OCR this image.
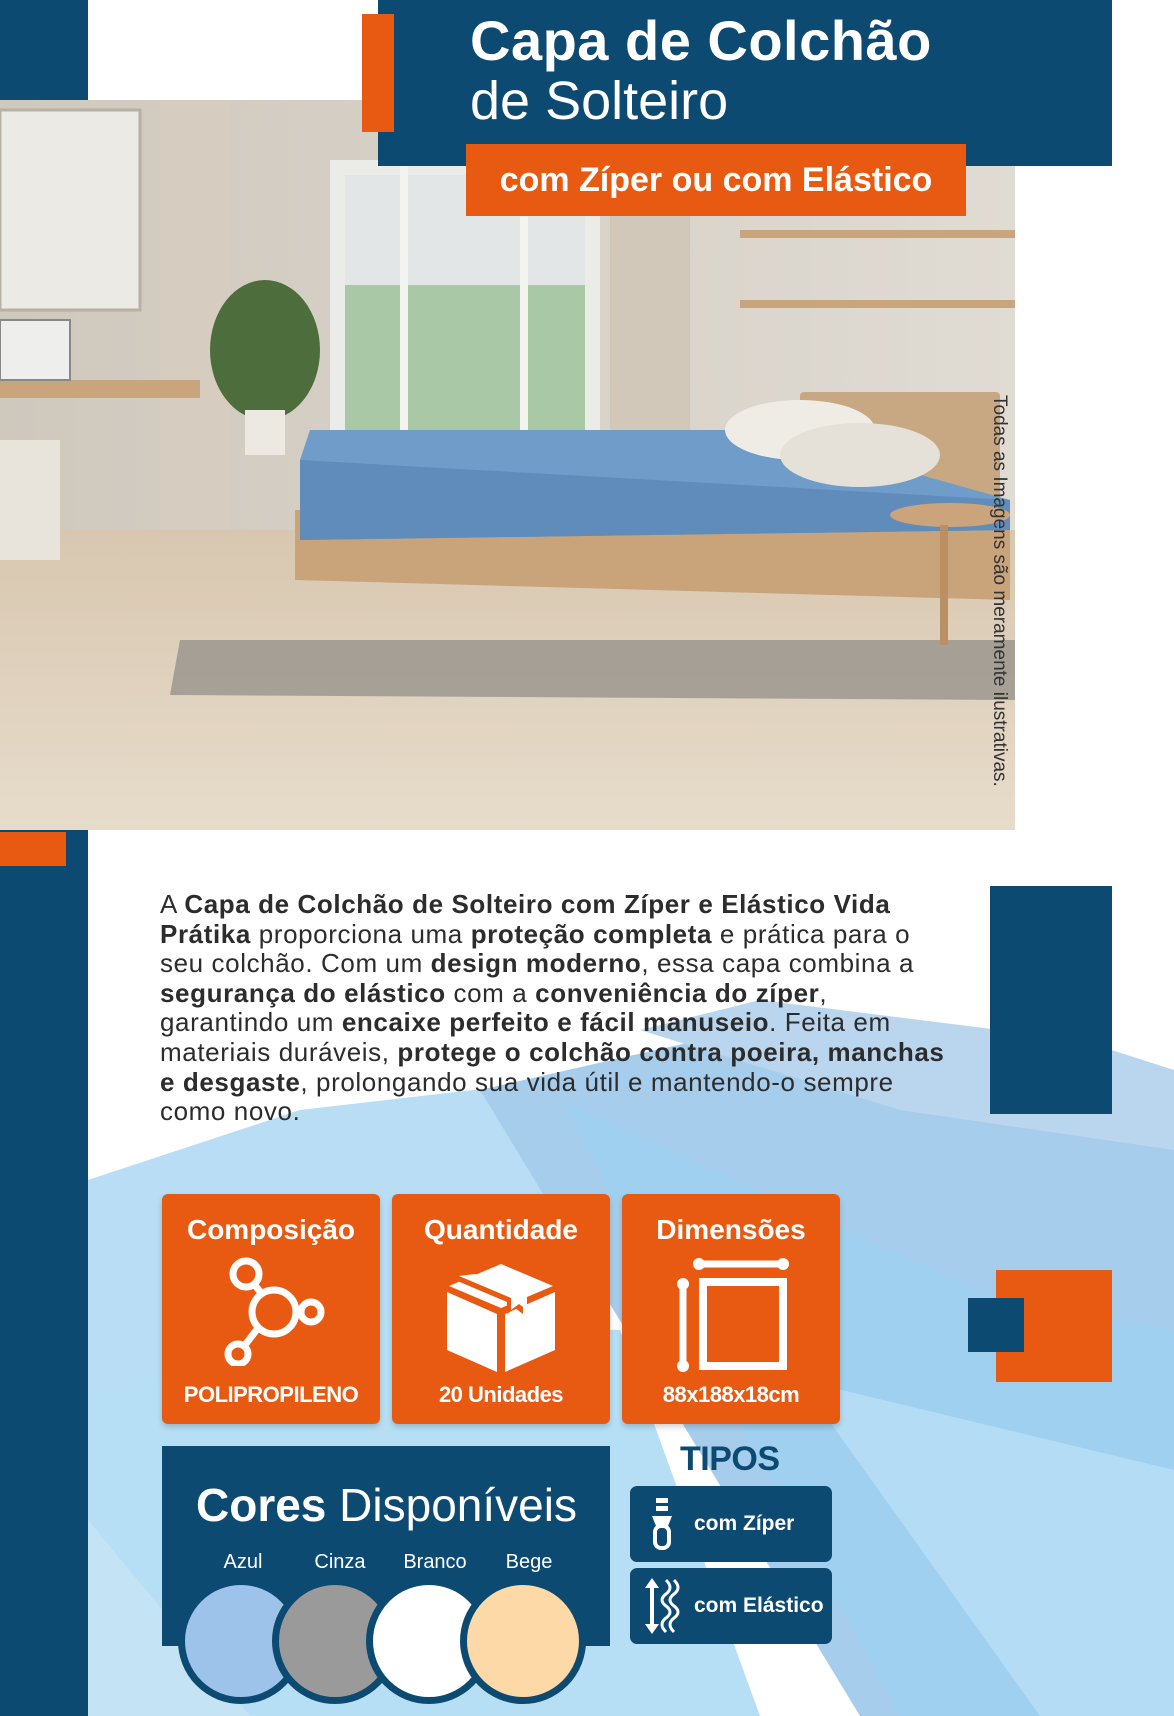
Capa de Colchão
de Solteiro
com Zíper ou com Elástico
Todas as Imagens são meramente ilustrativas.
A Capa de Colchão de Solteiro com Zíper e Elástico Vida Prátika proporciona uma proteção completa e prática para o seu colchão. Com um design moderno, essa capa combina a segurança do elástico com a conveniência do zíper, garantindo um encaixe perfeito e fácil manuseio. Feita em materiais duráveis, protege o colchão contra poeira, manchas e desgaste, prolongando sua vida útil e mantendo-o sempre como novo.
Composição
POLIPROPILENO
Quantidade
20 Unidades
Dimensões
88x188x18cm
Cores Disponíveis
Azul	Cinza	Branco	Bege
TIPOS
com Zíper
com Elástico
